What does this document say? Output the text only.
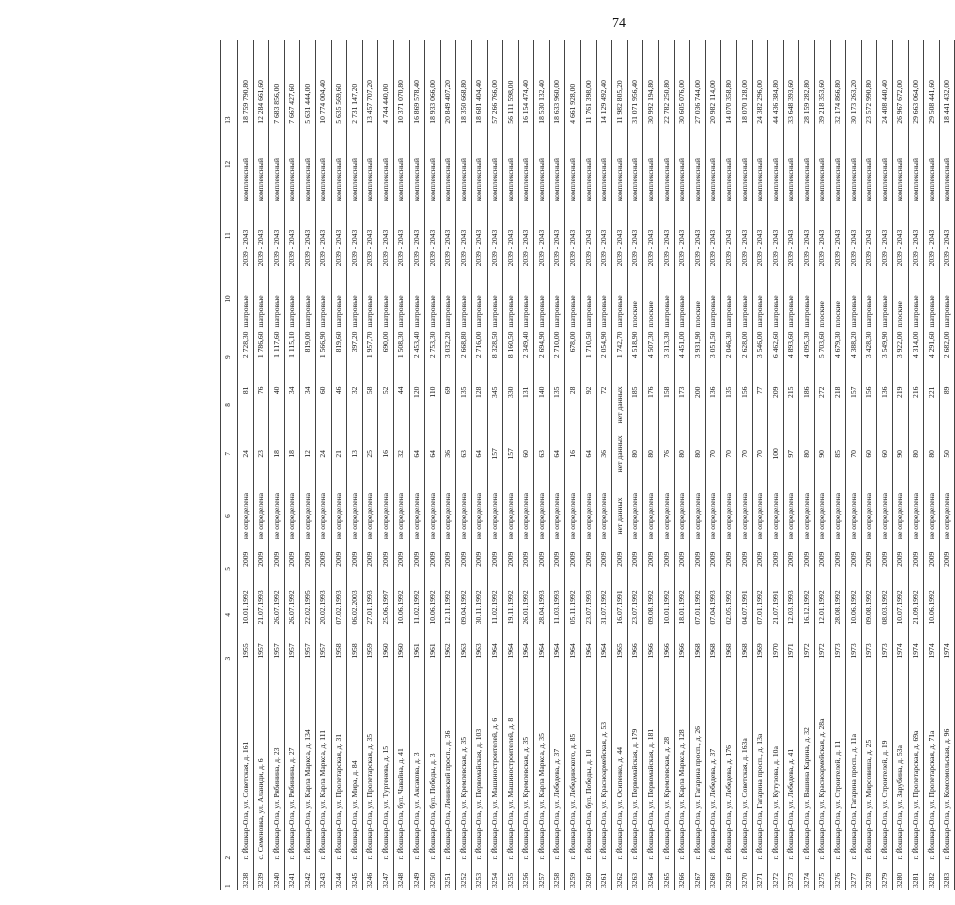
74
1	2	3	4	5	6	7	8	9	10	11	12	13
3238	г. Йошкар-Ола, ул. Советская, д. 161	1955	10.01.1992	2009	не определена	24	81	2 728,30	шатровые	2039 - 2043	комплексный	18 759 790,80
3239	с. Семеновка, ул. Аланиди, д. 6	1957	21.07.1993	2009	не определена	23	76	1 786,60	шатровые	2039 - 2043	комплексный	12 284 661,60
3240	г. Йошкар-Ола, ул. Рябинина, д. 23	1957	26.07.1992	2009	не определена	18	40	1 117,60	шатровые	2039 - 2043	комплексный	7 683 856,00
3241	г. Йошкар-Ола, ул. Рябинина, д. 27	1957	26.07.1992	2009	не определена	18	34	1 115,10	шатровые	2039 - 2043	комплексный	7 667 427,60
3242	г. Йошкар-Ола, ул. Карла Маркса, д. 134	1957	22.02.1995	2009	не определена	12	34	819,00	шатровые	2039 - 2043	комплексный	5 631 444,00
3243	г. Йошкар-Ола, ул. Карла Маркса, д. 111	1957	20.02.1993	2009	не определена	24	60	1 566,90	шатровые	2039 - 2043	комплексный	10 774 004,40
3244	г. Йошкар-Ола, ул. Пролетарская, д. 31	1958	07.02.1993	2009	не определена	21	46	819,60	шатровые	2039 - 2043	комплексный	5 635 569,60
3245	г. Йошкар-Ола, ул. Мира, д. 84	1958	06.02.2003	2009	не определена	13	32	397,20	шатровые	2039 - 2043	комплексный	2 731 147,20
3246	г. Йошкар-Ола, ул. Пролетарская, д. 35	1959	27.01.1993	2009	не определена	25	58	1 957,70	шатровые	2039 - 2043	комплексный	13 457 707,20
3247	г. Йошкар-Ола, ул. Тургенева, д. 15	1960	25.06.1997	2009	не определена	16	52	690,00	шатровые	2039 - 2043	комплексный	4 744 440,00
3248	г. Йошкар-Ола, бул. Чавайна, д. 41	1960	10.06.1992	2009	не определена	32	44	1 508,30	шатровые	2039 - 2043	комплексный	10 371 070,80
3249	г. Йошкар-Ола, ул. Аксакова, д. 3	1961	11.02.1992	2009	не определена	64	120	2 453,40	шатровые	2039 - 2043	комплексный	16 869 578,40
3250	г. Йошкар-Ола, бул. Победы, д. 3	1961	10.06.1992	2009	не определена	64	110	2 753,30	шатровые	2039 - 2043	комплексный	18 933 066,00
3251	г. Йошкар-Ола, Ленинский просп., д. 36	1962	12.11.1992	2009	не определена	36	69	3 032,20	шатровые	2039 - 2043	комплексный	20 849 407,20
3252	г. Йошкар-Ола, ул. Кремлевская, д. 35	1963	09.04.1992	2009	не определена	63	135	2 668,80	шатровые	2039 - 2043	комплексный	18 350 668,80
3253	г. Йошкар-Ола, ул. Первомайская, д. 103	1963	30.11.1992	2009	не определена	64	128	2 716,00	шатровые	2039 - 2043	комплексный	18 681 404,40
3254	г. Йошкар-Ола, ул. Машиностроителей, д. 6	1964	11.02.1992	2009	не определена	157	345	8 328,50	шатровые	2039 - 2043	комплексный	57 266 766,00
3255	г. Йошкар-Ола, ул. Машиностроителей, д. 8	1964	19.11.1992	2009	не определена	157	330	8 160,50	шатровые	2039 - 2043	комплексный	56 111 598,00
3256	г. Йошкар-Ола, ул. Кремлевская, д. 35	1964	26.01.1992	2009	не определена	60	131	2 349,40	шатровые	2039 - 2043	комплексный	16 154 474,40
3257	г. Йошкар-Ола, ул. Карла Маркса, д. 35	1964	28.04.1993	2009	не определена	63	140	2 694,90	шатровые	2039 - 2043	комплексный	18 530 132,40
3258	г. Йошкар-Ола, ул. Лебедева, д. 37	1964	11.03.1993	2009	не определена	64	135	2 710,00	шатровые	2039 - 2043	комплексный	18 633 960,00
3259	г. Йошкар-Ола, ул. Лебединского, д. 85	1964	05.11.1992	2009	не определена	16	28	678,00	шатровые	2039 - 2043	комплексный	4 661 928,00
3260	г. Йошкар-Ола, бул. Победы, д. 10	1964	23.07.1993	2009	не определена	64	92	1 710,50	шатровые	2039 - 2043	комплексный	11 761 398,00
3261	г. Йошкар-Ола, ул. Красноармейская, д. 53	1964	31.07.1992	2009	не определена	36	72	2 054,90	шатровые	2039 - 2043	комплексный	14 129 492,40
3262	г. Йошкар-Ола, ул. Осипенко, д. 44	1965	16.07.1991	2009	нет данных	нет данных	нет данных	1 742,70	шатровые	2039 - 2043	комплексный	11 982 805,20
3263	г. Йошкар-Ола, ул. Первомайская, д. 179	1966	23.07.1992	2009	не определена	80	185	4 518,90	плоские	2039 - 2043	комплексный	31 071 956,40
3264	г. Йошкар-Ола, ул. Первомайская, д. 181	1966	09.08.1992	2009	не определена	80	176	4 507,30	плоские	2039 - 2043	комплексный	30 992 194,80
3265	г. Йошкар-Ола, ул. Кремлевская, д. 28	1966	10.01.1992	2009	не определена	76	158	3 313,30	шатровые	2039 - 2043	комплексный	22 782 250,80
3266	г. Йошкар-Ола, ул. Карла Маркса, д. 128	1966	18.01.1992	2009	не определена	80	173	4 451,00	шатровые	2039 - 2043	комплексный	30 605 076,00
3267	г. Йошкар-Ола, ул. Гагарина просп., д. 26	1968	07.01.1992	2009	не определена	80	200	3 931,90	плоские	2039 - 2043	комплексный	27 036 744,00
3268	г. Йошкар-Ола, ул. Лебедева, д. 37	1968	07.04.1993	2009	не определена	70	136	3 051,50	шатровые	2039 - 2043	комплексный	20 982 114,00
3269	г. Йошкар-Ола, ул. Лебедева, д. 176	1968	02.05.1992	2009	не определена	70	135	2 046,30	шатровые	2039 - 2043	комплексный	14 070 358,80
3270	г. Йошкар-Ола, ул. Советская, д. 163а	1968	04.07.1991	2009	не определена	70	156	2 628,00	шатровые	2039 - 2043	комплексный	18 070 128,00
3271	г. Йошкар-Ола, Гагарина просп., д. 13а	1969	07.01.1992	2009	не определена	70	77	3 546,00	шатровые	2039 - 2043	комплексный	24 382 296,00
3272	г. Йошкар-Ола, ул. Кутузова, д. 10а	1970	21.07.1991	2009	не определена	100	209	6 462,60	шатровые	2039 - 2043	комплексный	44 436 384,80
3273	г. Йошкар-Ола, ул. Лебедева, д. 41	1971	12.03.1993	2009	не определена	97	215	4 893,60	шатровые	2039 - 2043	комплексный	33 648 393,60
3274	г. Йошкар-Ола, ул. Вашина Карина, д. 32	1972	16.12.1992	2009	не определена	80	186	4 095,30	шатровые	2039 - 2043	комплексный	28 159 282,80
3275	г. Йошкар-Ола, ул. Красноармейская, д. 28а	1972	12.01.1992	2009	не определена	90	272	5 703,60	плоские	2039 - 2043	комплексный	39 218 353,60
3276	г. Йошкар-Ола, ул. Строителей, д. 11	1973	28.08.1992	2009	не определена	85	218	4 679,30	плоские	2039 - 2043	комплексный	32 174 866,80
3277	г. Йошкар-Ола, Гагарина просп., д. 11а	1973	10.06.1992	2009	не определена	70	157	4 388,20	шатровые	2039 - 2043	комплексный	30 173 263,20
3278	г. Йошкар-Ола, ул. Мирсовиша, д. 25	1973	09.08.1992	2009	не определена	60	156	3 428,30	шатровые	2039 - 2043	комплексный	23 572 990,80
3279	г. Йошкар-Ола, ул. Строителей, д. 19	1973	08.03.1992	2009	не определена	60	136	3 549,90	шатровые	2039 - 2043	комплексный	24 408 440,40
3280	г. Йошкар-Ола, ул. Зарубина, д. 53а	1974	10.07.1992	2009	не определена	90	219	3 922,00	плоские	2039 - 2043	комплексный	26 967 672,00
3281	г. Йошкар-Ола, ул. Пролетарская, д. 69а	1974	21.09.1992	2009	не определена	80	216	4 314,00	шатровые	2039 - 2043	комплексный	29 663 064,00
3282	г. Йошкар-Ола, ул. Пролетарская, д. 71а	1974	10.06.1992	2009	не определена	80	221	4 291,60	шатровые	2039 - 2043	комплексный	29 508 441,60
3283	г. Йошкар-Ола, ул. Комсомольская, д. 96	1974		2009	не определена	50	89	2 682,00	шатровые	2039 - 2043	комплексный	18 441 432,00
